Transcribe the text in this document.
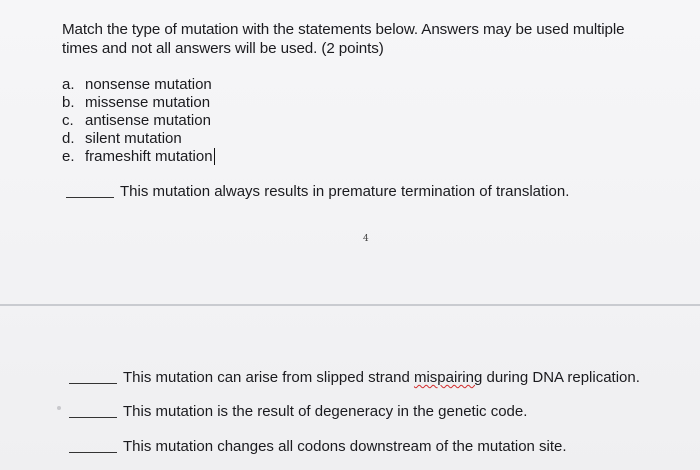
Match the type of mutation with the statements below. Answers may be used multiple times and not all answers will be used. (2 points)
a. nonsense mutation
b. missense mutation
c. antisense mutation
d. silent mutation
e. frameshift mutation
This mutation always results in premature termination of translation.
4
This mutation can arise from slipped strand mispairing during DNA replication.
This mutation is the result of degeneracy in the genetic code.
This mutation changes all codons downstream of the mutation site.
